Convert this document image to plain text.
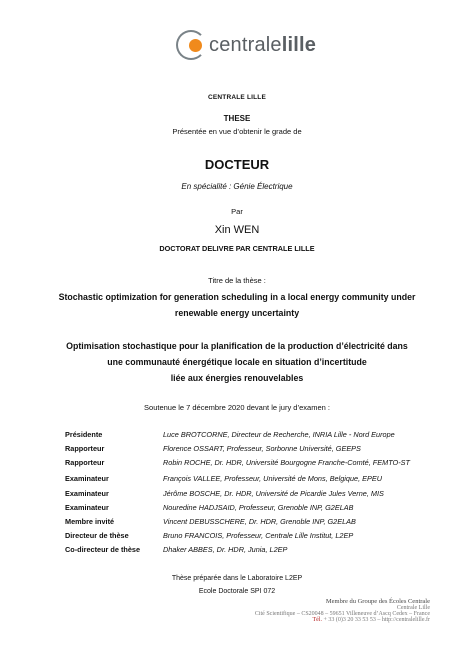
centralelille
CENTRALE LILLE
THESE
Présentée en vue d’obtenir le grade de
DOCTEUR
En spécialité : Génie Électrique
Par
Xin WEN
DOCTORAT DELIVRE PAR CENTRALE LILLE
Titre de la thèse :
Stochastic optimization for generation scheduling in a local energy community under
renewable energy uncertainty
Optimisation stochastique pour la planification de la production d’électricité dans
une communauté énergétique locale en situation d’incertitude
liée aux énergies renouvelables
Soutenue le 7 décembre 2020 devant le jury d’examen :
Présidente	Luce BROTCORNE, Directeur de Recherche, INRIA Lille - Nord Europe
Rapporteur	Florence OSSART, Professeur, Sorbonne Université, GEEPS
Rapporteur	Robin ROCHE, Dr. HDR, Université Bourgogne Franche-Comté, FEMTO-ST
Examinateur	François VALLEE, Professeur, Université de Mons, Belgique, EPEU
Examinateur	Jérôme BOSCHE, Dr. HDR, Université de Picardie Jules Verne, MIS
Examinateur	Nouredine HADJSAID, Professeur, Grenoble INP, G2ELAB
Membre invité	Vincent DEBUSSCHERE, Dr. HDR, Grenoble INP, G2ELAB
Directeur de thèse	Bruno FRANCOIS, Professeur, Centrale Lille Institut, L2EP
Co-directeur de thèse	Dhaker ABBES, Dr. HDR, Junia, L2EP
Thèse préparée dans le Laboratoire L2EP
Ecole Doctorale SPI 072
Membre du Groupe des Écoles Centrale
Centrale Lille
Cité Scientifique – CS20048 – 59651 Villeneuve d’Ascq Cedex – France
Tél. + 33 (0)3 20 33 53 53 – http://centralelille.fr
